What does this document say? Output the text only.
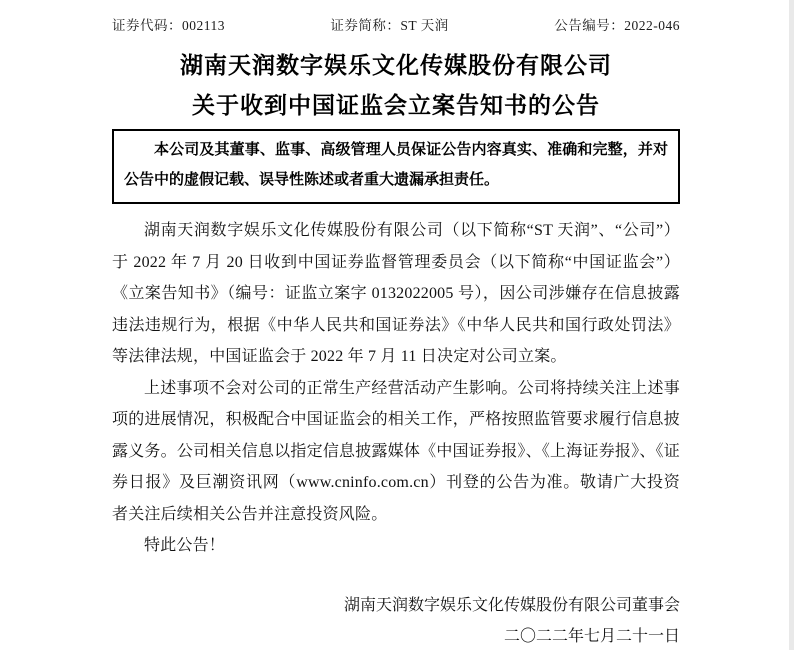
证券代码：002113	证券简称：ST 天润	公告编号：2022-046
湖南天润数字娱乐文化传媒股份有限公司
关于收到中国证监会立案告知书的公告

本公司及其董事、监事、高级管理人员保证公告内容真实、准确和完整，并对公告中的虚假记载、误导性陈述或者重大遗漏承担责任。

湖南天润数字娱乐文化传媒股份有限公司（以下简称“ST 天润”、“公司”）于 2022 年 7 月 20 日收到中国证券监督管理委员会（以下简称“中国证监会”）《立案告知书》（编号：证监立案字 0132022005 号），因公司涉嫌存在信息披露违法违规行为，根据《中华人民共和国证券法》《中华人民共和国行政处罚法》等法律法规，中国证监会于 2022 年 7 月 11 日决定对公司立案。

上述事项不会对公司的正常生产经营活动产生影响。公司将持续关注上述事项的进展情况，积极配合中国证监会的相关工作，严格按照监管要求履行信息披露义务。公司相关信息以指定信息披露媒体《中国证券报》、《上海证券报》、《证券日报》及巨潮资讯网（www.cninfo.com.cn）刊登的公告为准。敬请广大投资者关注后续相关公告并注意投资风险。

特此公告！

湖南天润数字娱乐文化传媒股份有限公司董事会

二〇二二年七月二十一日
